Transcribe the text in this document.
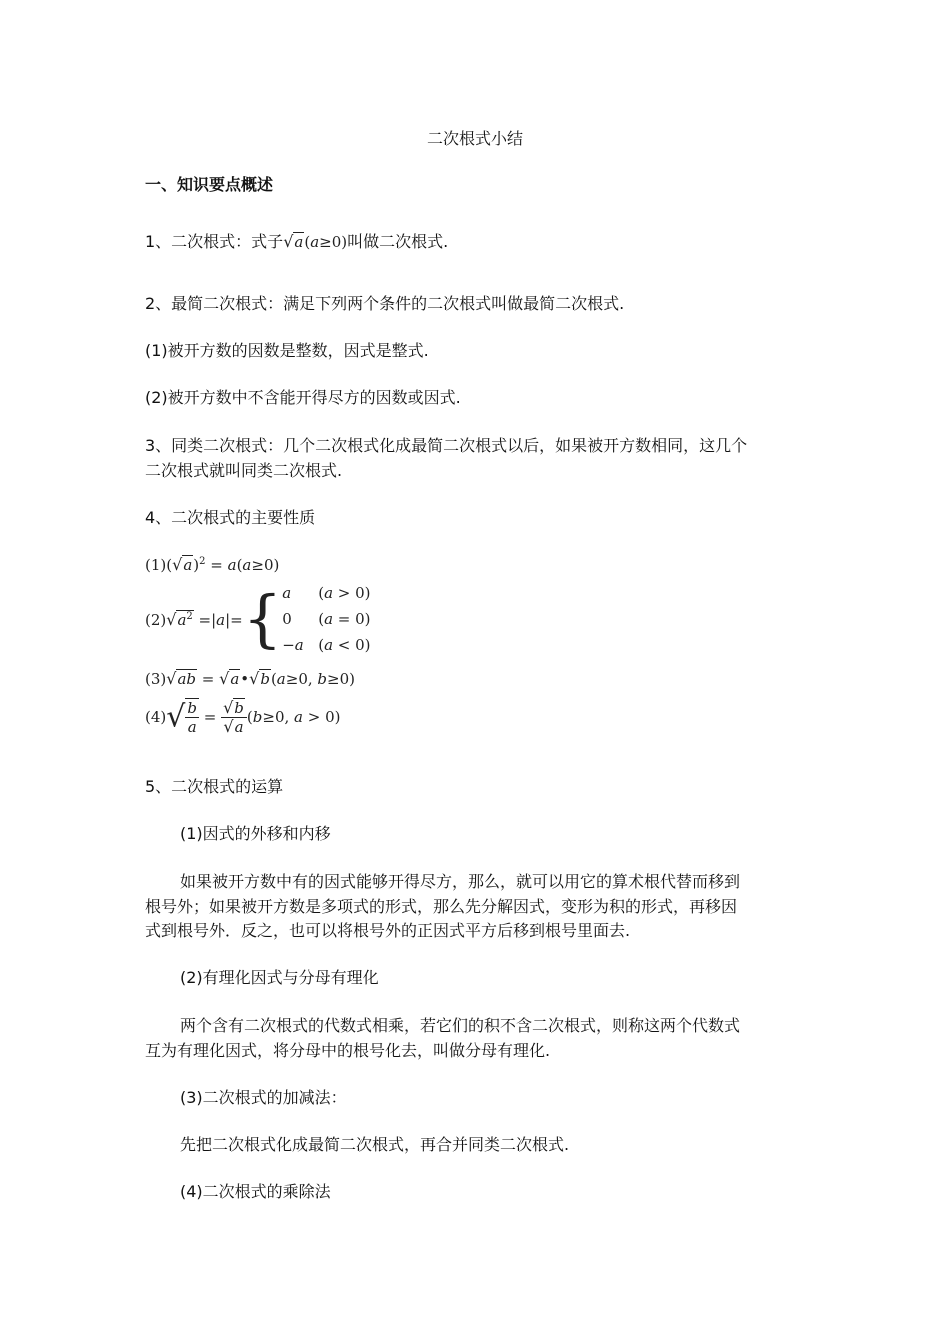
二次根式小结
一、知识要点概述
1、二次根式：式子√a(a≥0)叫做二次根式.
2、最简二次根式：满足下列两个条件的二次根式叫做最简二次根式.
(1)被开方数的因数是整数，因式是整式.
(2)被开方数中不含能开得尽方的因数或因式.
3、同类二次根式：几个二次根式化成最简二次根式以后，如果被开方数相同，这几个
二次根式就叫同类二次根式.
4、二次根式的主要性质
$(1)(√a)^2 = a(a\ge 0)$
$(2)√a^2 =|a|=${ a (a > 0)
0 (a = 0)
−a (a < 0)
(3)√ab = √a•√b(a≥0, b≥0)
$(4)√ \frac{b}{a} = \frac{√b}{√a} (b\ge 0$, a > 0)
5、二次根式的运算
(1)因式的外移和内移
如果被开方数中有的因式能够开得尽方，那么，就可以用它的算术根代替而移到
根号外；如果被开方数是多项式的形式，那么先分解因式，变形为积的形式，再移因
式到根号外．反之，也可以将根号外的正因式平方后移到根号里面去.
(2)有理化因式与分母有理化
两个含有二次根式的代数式相乘，若它们的积不含二次根式，则称这两个代数式
互为有理化因式，将分母中的根号化去，叫做分母有理化.
(3)二次根式的加减法：
先把二次根式化成最简二次根式，再合并同类二次根式.
(4)二次根式的乘除法
